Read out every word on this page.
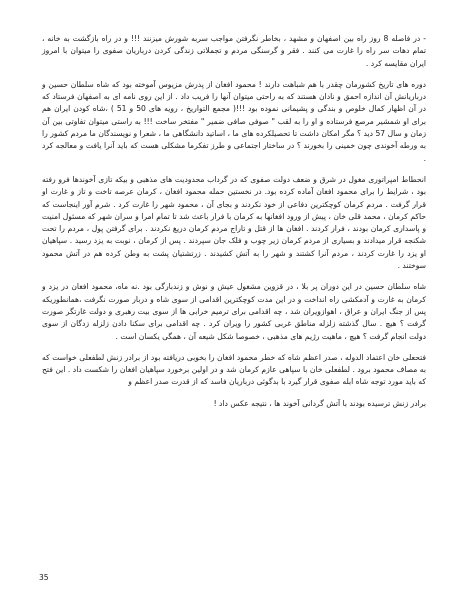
- در فاصله 8 روز راه بین اصفهان و مشهد ، بخاطر نگرفتن مواجب سربه شورش میزنند !!! و در راه بازگشت به خانه ، تمام دهات سر راه را غارت می کنند . فقر و گرسنگی مردم و تجملاتی زندگی کردن درباریان صفوی را میتوان با امروز ایران مقایسه کرد .

دوره های تاریخ کشورمان چقدر با هم شباهت دارند ! محمود افغان از پدرش مزیوس آموخته بود که شاه سلطان حسین و درباریانش آن اندازه احمق و نادان هستند که به راحتی میتوان آنها را فریب داد . از این روی نامه ای به اصفهان فرستاد که در آن اظهار کمال خلوص و بندگی و پشیمانی نموده بود !!!( مجمع التواریخ ، رویه های 50 و 51 ) ،شاه کودن ایران هم برای او شمشیر مرصع فرستاده و او را به لقب " صوفی صافی ضمیر " مفتخر ساخت !!! به راستی میتوان تفاوتی بین آن زمان و سال 57 دید ؟ مگر امکان داشت تا تحصیلکرده های ما ، اساتید دانشگاهی ما ، شعرا و نویسندگان ما مردم کشور را به ورطه آخوندی چون خمینی را بخورند ؟ در ساختار اجتماعی و طرز تفکرما مشکلی هست که باید آنرا یافت و معالجه کرد .

انحطاط امپراتوری مغول در شرق و ضعف دولت صفوی که در گرداب محدودیت های مذهبی و بیکه تازی آخوندها فرو رفته بود ، شرایط را برای محمود افغان آماده کرده بود. در نخستین حمله محمود افغان ، کرمان عرصه تاخت و تاز و غارت او قرار گرفت . مردم کرمان کوچکترین دفاعی از خود نکردند و بجای آن ، محمود شهر را غارت کرد . شرم آور اینجاست که حاکم کرمان ، محمد قلی خان ، پیش از ورود افغانها به کرمان با فرار باعث شد تا تمام امرا و سران شهر که مسئول امنیت و پاسداری کرمان بودند ، فرار کردند . افغان ها از قتل و تاراج مردم کرمان دریغ نکردند . برای گرفتن پول ، مردم را تحت شکنجه قرار میدادند و بسیاری از مردم کرمان زیر چوب و فلک جان سپردند . پس از کرمان ، نوبت به یزد رسید . سپاهیان او یزد را غارت کردند ، مردم آنرا کشتند و شهر را به آتش کشیدند . زرتشتیان پشت به وطن کرده هم در آتش محمود سوختند .

شاه سلطان حسین در این دوران پر بلا ، در قزوین مشغول عیش و نوش و زندبارگی بود .نه ماه، محمود افغان در یزد و کرمان به غارت و آدمکشی راه انداخت و در این مدت کوچکترین اقدامی از سوی شاه و دربار صورت نگرفت ،همانطوریکه پس از جنگ ایران و عراق ، اهوازویران شد ، چه اقدامی برای ترمیم خرابی ها از سوی بیت رهبری و دولت غارتگر صورت گرفت ؟ هیچ . سال گذشته زلزله مناطق غربی کشور را ویران کرد . چه اقدامی برای سکنا دادن زلزله زدگان از سوی دولت انجام گرفت ؟ هیچ ، ماهیت رژیم های مذهبی ، خصوصا شکل شیعه آن ، همگی یکسان است .

فتحعلی خان اعتماد الدوله ، صدر اعظم شاه که خطر محمود افغان را بخوبی دریافته بود از برادر زنش لطفعلی خواست که به مصاف محمود برود . لطفعلی خان با سپاهی عازم کرمان شد و در اولین برخورد سپاهیان افغان را شکست داد . این فتح که باید مورد توجه شاه ابله صفوی قرار گیرد با بدگوئی درباریان فاسد که از قدرت صدر اعظم و

برادر زنش ترسیده بودند با آتش گردانی آخوند ها ، نتیجه عکس داد !

35
